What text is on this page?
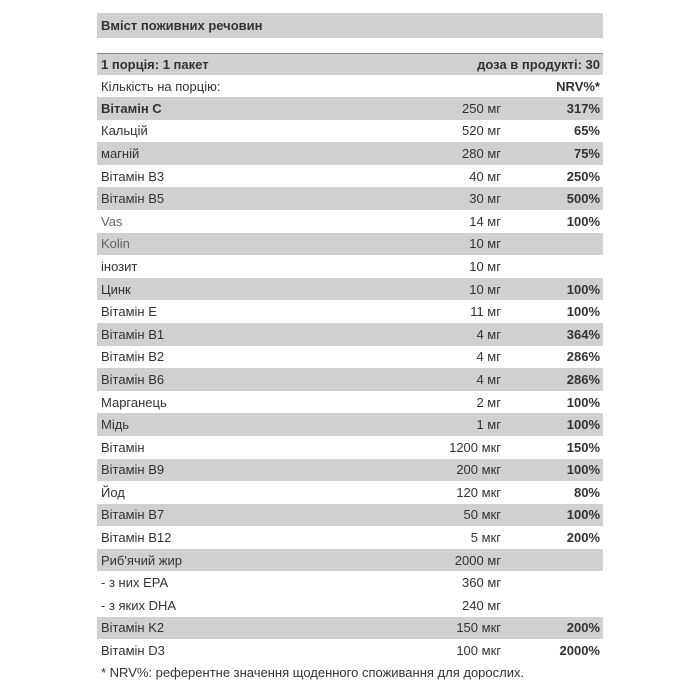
Вміст поживних речовин
1 порція: 1 пакет	доза в продукті: 30
Кількість на порцію:	NRV%*
Вітамін C	250 мг	317%
Кальцій	520 мг	65%
магній	280 мг	75%
Вітамін B3	40 мг	250%
Вітамін B5	30 мг	500%
Vas	14 мг	100%
Kolin	10 мг
інозит	10 мг
Цинк	10 мг	100%
Вітамін E	11 мг	100%
Вітамін B1	4 мг	364%
Вітамін B2	4 мг	286%
Вітамін B6	4 мг	286%
Марганець	2 мг	100%
Мідь	1 мг	100%
Вітамін	1200 мкг	150%
Вітамін B9	200 мкг	100%
Йод	120 мкг	80%
Вітамін B7	50 мкг	100%
Вітамін B12	5 мкг	200%
Риб'ячий жир	2000 мг
- з них EPA	360 мг
- з яких DHA	240 мг
Вітамін K2	150 мкг	200%
Вітамін D3	100 мкг	2000%
* NRV%: референтне значення щоденного споживання для дорослих.
